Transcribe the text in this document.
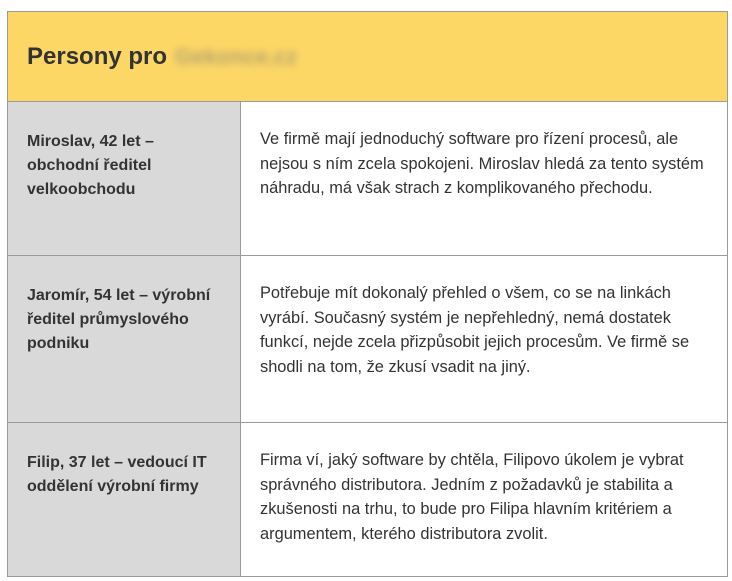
Persony pro Gekonce.cz
Miroslav, 42 let – obchodní ředitel velkoobchodu
Ve firmě mají jednoduchý software pro řízení procesů, ale nejsou s ním zcela spokojeni. Miroslav hledá za tento systém náhradu, má však strach z komplikovaného přechodu.
Jaromír, 54 let – výrobní ředitel průmyslového podniku
Potřebuje mít dokonalý přehled o všem, co se na linkách vyrábí. Současný systém je nepřehledný, nemá dostatek funkcí, nejde zcela přizpůsobit jejich procesům. Ve firmě se shodli na tom, že zkusí vsadit na jiný.
Filip, 37 let – vedoucí IT oddělení výrobní firmy
Firma ví, jaký software by chtěla, Filipovo úkolem je vybrat správného distributora. Jedním z požadavků je stabilita a zkušenosti na trhu, to bude pro Filipa hlavním kritériem a argumentem, kterého distributora zvolit.
